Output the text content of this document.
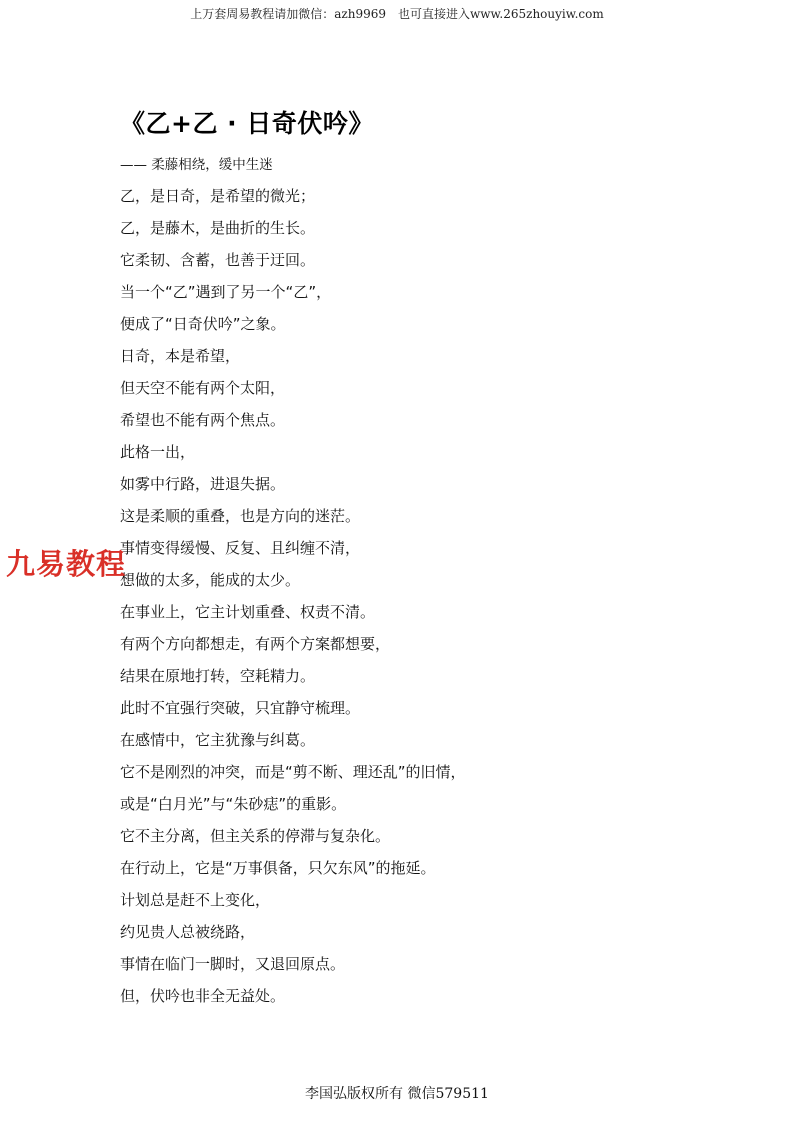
上万套周易教程请加微信：azh9969　也可直接进入www.265zhouyiw.com
《乙+乙 · 日奇伏吟》
—— 柔藤相绕，缓中生迷
乙，是日奇，是希望的微光；
乙，是藤木，是曲折的生长。
它柔韧、含蓄，也善于迂回。
当一个“乙”遇到了另一个“乙”，
便成了“日奇伏吟”之象。
日奇，本是希望，
但天空不能有两个太阳，
希望也不能有两个焦点。
此格一出，
如雾中行路，进退失据。
这是柔顺的重叠，也是方向的迷茫。
事情变得缓慢、反复、且纠缠不清，
想做的太多，能成的太少。
在事业上，它主计划重叠、权责不清。
有两个方向都想走，有两个方案都想要，
结果在原地打转，空耗精力。
此时不宜强行突破，只宜静守梳理。
在感情中，它主犹豫与纠葛。
它不是刚烈的冲突，而是“剪不断、理还乱”的旧情，
或是“白月光”与“朱砂痣”的重影。
它不主分离，但主关系的停滞与复杂化。
在行动上，它是“万事俱备，只欠东风”的拖延。
计划总是赶不上变化，
约见贵人总被绕路，
事情在临门一脚时，又退回原点。
但，伏吟也非全无益处。
九易教程
李国弘版权所有 微信579511
